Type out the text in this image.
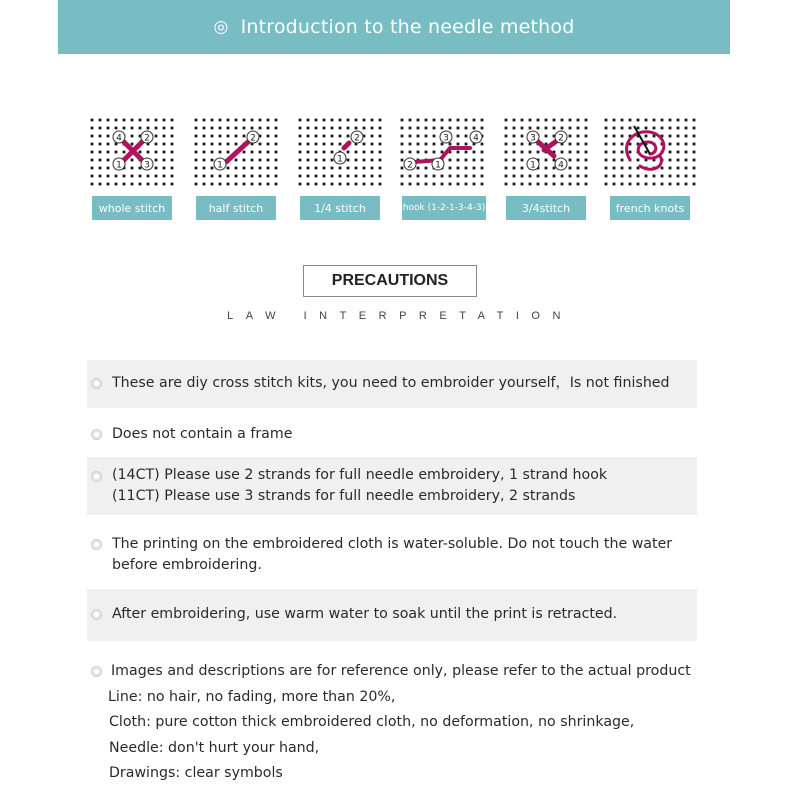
◎ Introduction to the needle method
4 2
1 3
whole stitch
2
1
half stitch
2
1
1/4 stitch
3	4
2 1
hook (1-2-1-3-4-3)
3 2
1 4
3/4stitch	french knots
PRECAUTIONS
LAW INTERPRETATION
These are diy cross stitch kits, you need to embroider yourself，Is not finished
Does not contain a frame
(14CT) Please use 2 strands for full needle embroidery, 1 strand hook
(11CT) Please use 3 strands for full needle embroidery, 2 strands
The printing on the embroidered cloth is water-soluble. Do not touch the water
before embroidering.
After embroidering, use warm water to soak until the print is retracted.
Images and descriptions are for reference only, please refer to the actual product
Line: no hair, no fading, more than 20%,
Cloth: pure cotton thick embroidered cloth, no deformation, no shrinkage,
Needle: don't hurt your hand,
Drawings: clear symbols
